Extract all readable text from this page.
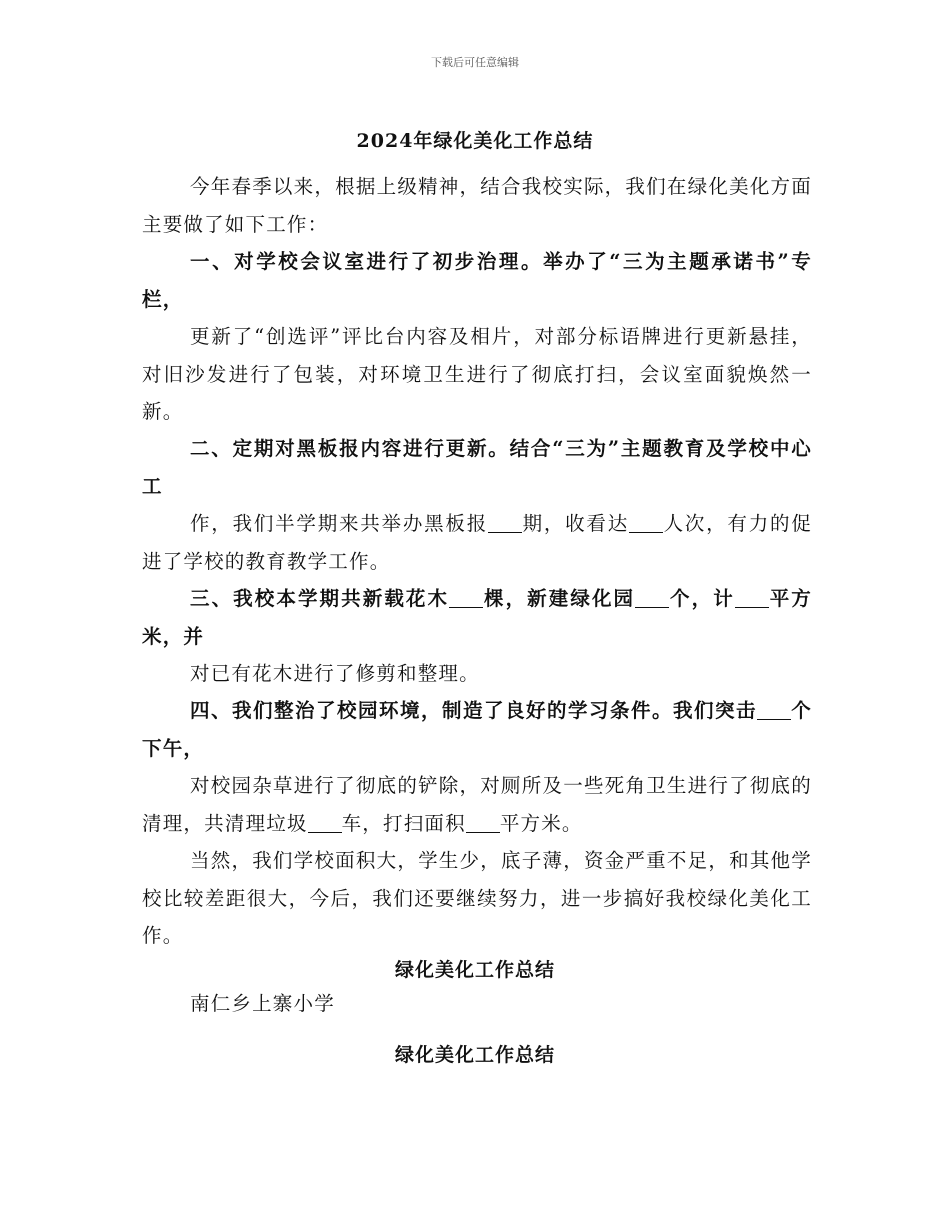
下载后可任意编辑
2024年绿化美化工作总结
今年春季以来，根据上级精神，结合我校实际，我们在绿化美化方面主要做了如下工作：
一、对学校会议室进行了初步治理。举办了“三为主题承诺书”专栏，
更新了“创选评”评比台内容及相片，对部分标语牌进行更新悬挂，对旧沙发进行了包装，对环境卫生进行了彻底打扫，会议室面貌焕然一新。
二、定期对黑板报内容进行更新。结合“三为”主题教育及学校中心工
作，我们半学期来共举办黑板报 期，收看达 人次，有力的促进了学校的教育教学工作。
三、我校本学期共新载花木 棵，新建绿化园 个，计 平方米，并
对已有花木进行了修剪和整理。
四、我们整治了校园环境，制造了良好的学习条件。我们突击 个下午，
对校园杂草进行了彻底的铲除，对厕所及一些死角卫生进行了彻底的清理，共清理垃圾 车，打扫面积 平方米。
当然，我们学校面积大，学生少，底子薄，资金严重不足，和其他学校比较差距很大，今后，我们还要继续努力，进一步搞好我校绿化美化工作。
绿化美化工作总结
南仁乡上寨小学
绿化美化工作总结
